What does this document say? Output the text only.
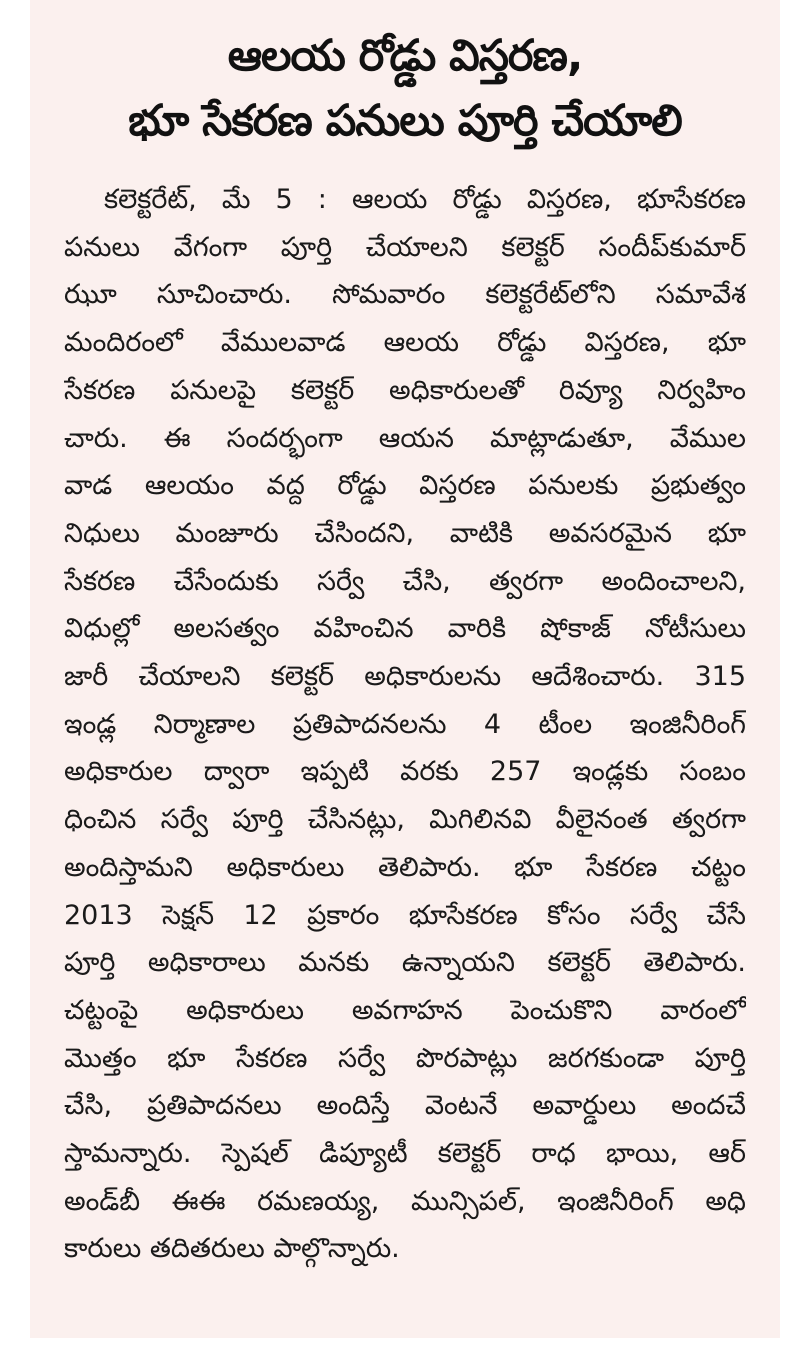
ఆలయ రోడ్డు విస్తరణ,
భూ సేకరణ పనులు పూర్తి చేయాలి
కలెక్టరేట్, మే 5 : ఆలయ రోడ్డు విస్తరణ, భూసేకరణ
పనులు వేగంగా పూర్తి చేయాలని కలెక్టర్ సందీప్‌కుమార్
ఝూ సూచించారు. సోమవారం కలెక్టరేట్‌లోని సమావేశ
మందిరంలో వేములవాడ ఆలయ రోడ్డు విస్తరణ, భూ
సేకరణ పనులపై కలెక్టర్ అధికారులతో రివ్యూ నిర్వహిం
చారు. ఈ సందర్భంగా ఆయన మాట్లాడుతూ, వేముల
వాడ ఆలయం వద్ద రోడ్డు విస్తరణ పనులకు ప్రభుత్వం
నిధులు మంజూరు చేసిందని, వాటికి అవసరమైన భూ
సేకరణ చేసేందుకు సర్వే చేసి, త్వరగా అందించాలని,
విధుల్లో అలసత్వం వహించిన వారికి షోకాజ్ నోటీసులు
జారీ చేయాలని కలెక్టర్ అధికారులను ఆదేశించారు. 315
ఇండ్ల నిర్మాణాల ప్రతిపాదనలను 4 టీంల ఇంజినీరింగ్
అధికారుల ద్వారా ఇప్పటి వరకు 257 ఇండ్లకు సంబం
ధించిన సర్వే పూర్తి చేసినట్లు, మిగిలినవి వీలైనంత త్వరగా
అందిస్తామని అధికారులు తెలిపారు. భూ సేకరణ చట్టం
2013 సెక్షన్ 12 ప్రకారం భూసేకరణ కోసం సర్వే చేసే
పూర్తి అధికారాలు మనకు ఉన్నాయని కలెక్టర్ తెలిపారు.
చట్టంపై అధికారులు అవగాహన పెంచుకొని వారంలో
మొత్తం భూ సేకరణ సర్వే పొరపాట్లు జరగకుండా పూర్తి
చేసి, ప్రతిపాదనలు అందిస్తే వెంటనే అవార్డులు అందచే
స్తామన్నారు. స్పెషల్ డిప్యూటీ కలెక్టర్ రాధ భాయి, ఆర్
అండ్‌బీ ఈఈ రమణయ్య, మున్సిపల్, ఇంజినీరింగ్ అధి
కారులు తదితరులు పాల్గొన్నారు.
